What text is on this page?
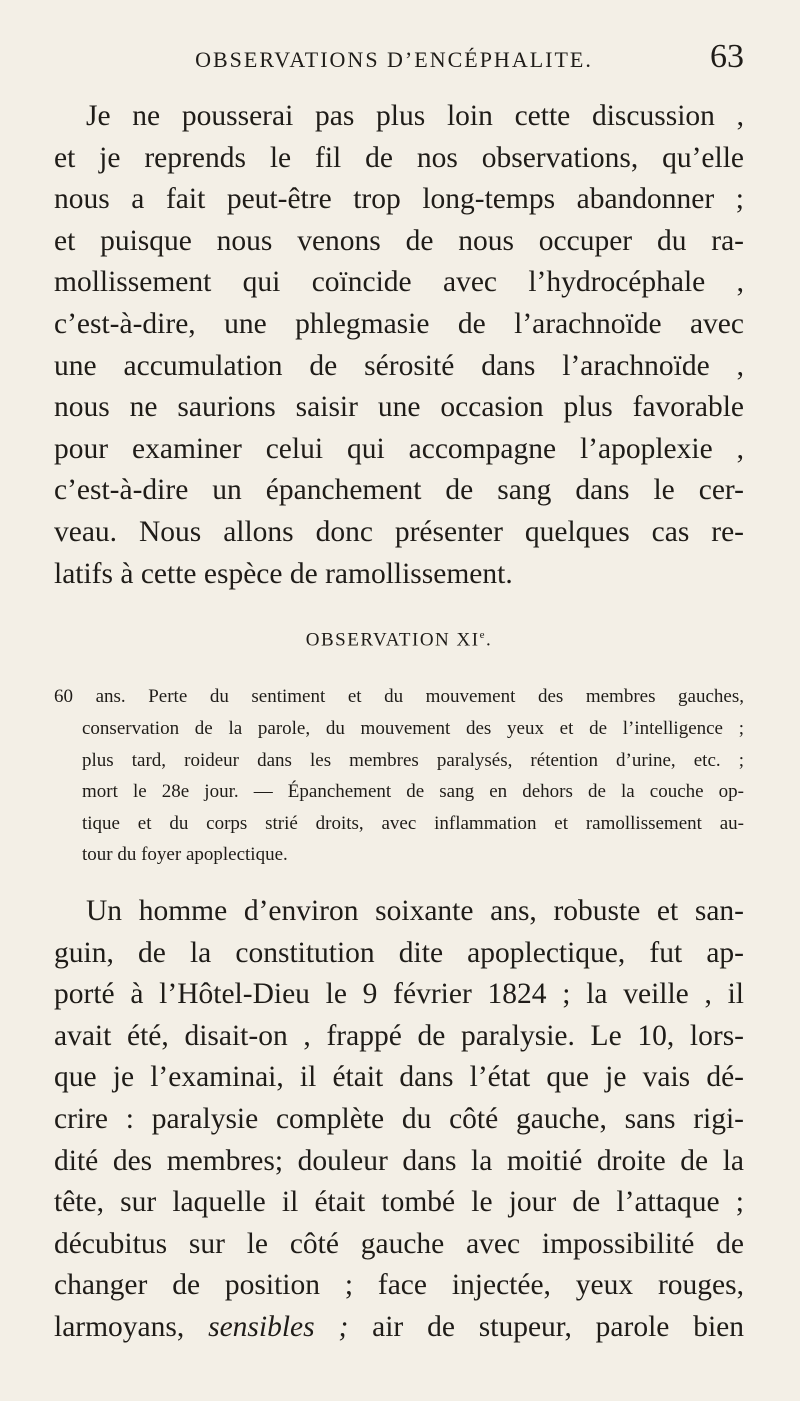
OBSERVATIONS D’ENCÉPHALITE.	63

Je ne pousserai pas plus loin cette discussion ,
et je reprends le fil de nos observations, qu’elle
nous a fait peut-être trop long-temps abandonner ;
et puisque nous venons de nous occuper du ra-
mollissement qui coïncide avec l’hydrocéphale ,
c’est-à-dire, une phlegmasie de l’arachnoïde avec
une accumulation de sérosité dans l’arachnoïde ,
nous ne saurions saisir une occasion plus favorable
pour examiner celui qui accompagne l’apoplexie ,
c’est-à-dire un épanchement de sang dans le cer-
veau. Nous allons donc présenter quelques cas re-
latifs à cette espèce de ramollissement.

OBSERVATION XIe.

60 ans. Perte du sentiment et du mouvement des membres gauches,
conservation de la parole, du mouvement des yeux et de l’intelligence ;
plus tard, roideur dans les membres paralysés, rétention d’urine, etc. ;
mort le 28e jour. — Épanchement de sang en dehors de la couche op-
tique et du corps strié droits, avec inflammation et ramollissement au-
tour du foyer apoplectique.

Un homme d’environ soixante ans, robuste et san-
guin, de la constitution dite apoplectique, fut ap-
porté à l’Hôtel-Dieu le 9 février 1824 ; la veille , il
avait été, disait-on , frappé de paralysie. Le 10, lors-
que je l’examinai, il était dans l’état que je vais dé-
crire : paralysie complète du côté gauche, sans rigi-
dité des membres; douleur dans la moitié droite de la
tête, sur laquelle il était tombé le jour de l’attaque ;
décubitus sur le côté gauche avec impossibilité de
changer de position ; face injectée, yeux rouges,
larmoyans, sensibles ; air de stupeur, parole bien
